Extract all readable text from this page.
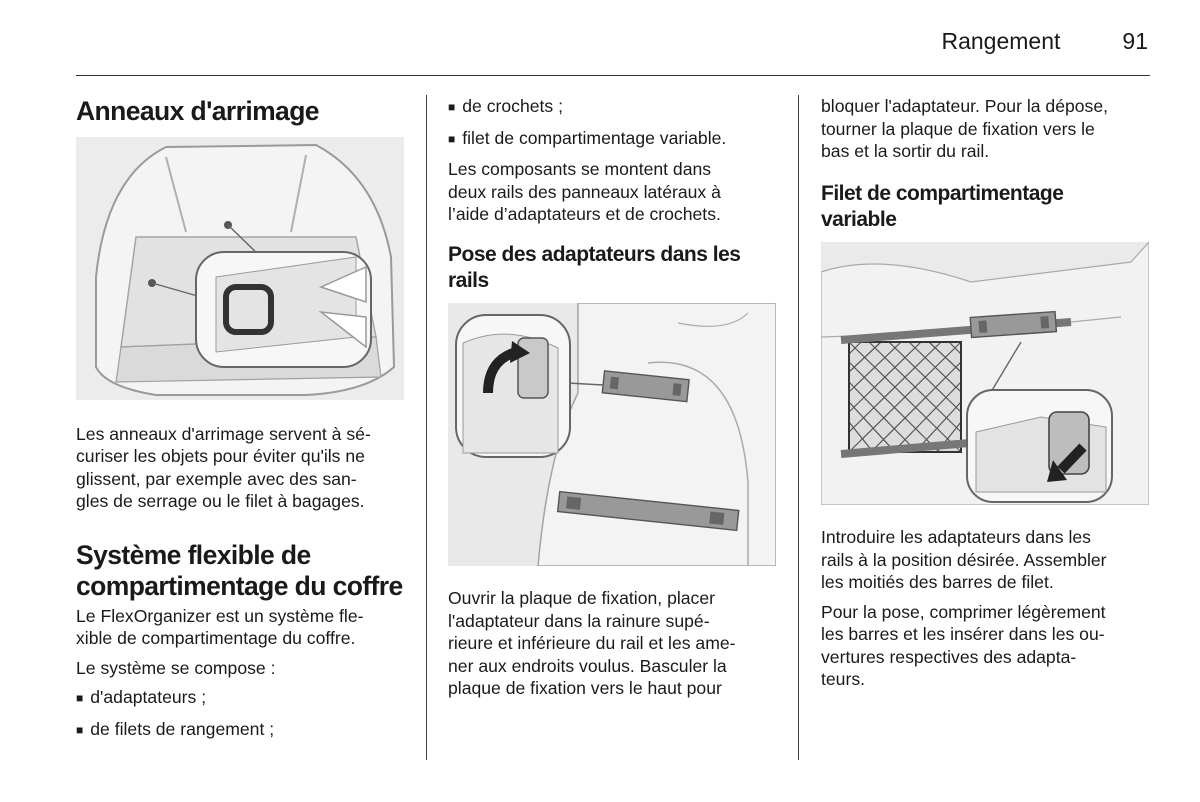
Rangement	91
Anneaux d'arrimage

Les anneaux d'arrimage servent à sé-

curiser les objets pour éviter qu'ils ne

glissent, par exemple avec des san-

gles de serrage ou le filet à bagages.

Système flexible de
compartimentage du coffre

Le FlexOrganizer est un système fle-

xible de compartimentage du coffre.

Le système se compose :

■ d'adaptateurs ;
■ de filets de rangement ;
■ de crochets ;
■ filet de compartimentage variable.

Les composants se montent dans

deux rails des panneaux latéraux à

l’aide d’adaptateurs et de crochets.

Pose des adaptateurs dans les
rails

Ouvrir la plaque de fixation, placer

l'adaptateur dans la rainure supé-

rieure et inférieure du rail et les ame-

ner aux endroits voulus. Basculer la

plaque de fixation vers le haut pour

bloquer l'adaptateur. Pour la dépose,

tourner la plaque de fixation vers le

bas et la sortir du rail.

Filet de compartimentage
variable

Introduire les adaptateurs dans les

rails à la position désirée. Assembler

les moitiés des barres de filet.

Pour la pose, comprimer légèrement

les barres et les insérer dans les ou-

vertures respectives des adapta-

teurs.
